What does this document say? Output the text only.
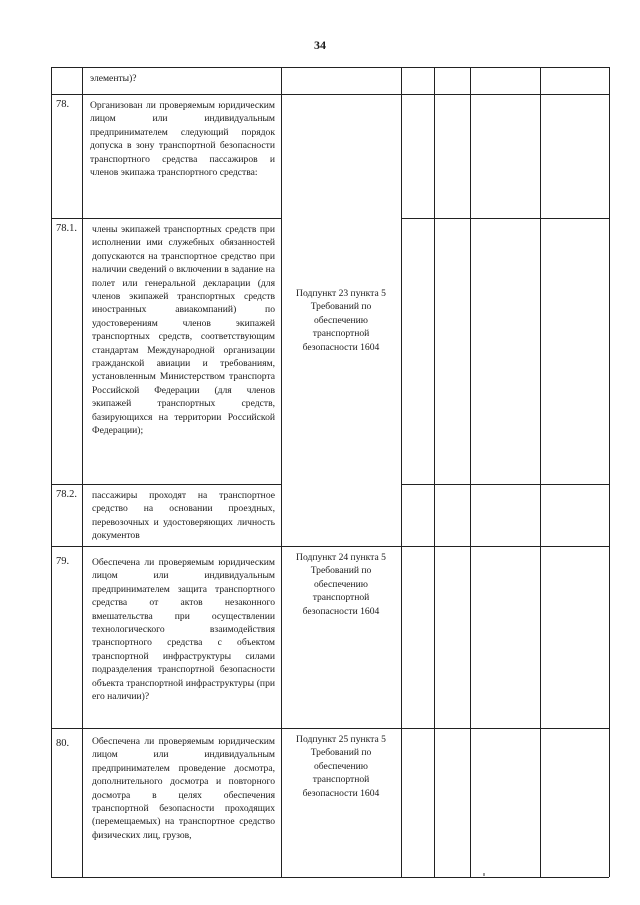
34
элементы)?
78. Организован ли проверяемым юридическим лицом или индивидуальным предпринимателем следующий порядок допуска в зону транспортной безопасности транспортного средства пассажиров и членов экипажа транспортного средства:
Подпункт 23 пункта 5 Требований по обеспечению транспортной безопасности 1604
78.1. члены экипажей транспортных средств при исполнении ими служебных обязанностей допускаются на транспортное средство при наличии сведений о включении в задание на полет или генеральной декларации (для членов экипажей транспортных средств иностранных авиакомпаний) по удостоверениям членов экипажей транспортных средств, соответствующим стандартам Международной организации гражданской авиации и требованиям, установленным Министерством транспорта Российской Федерации (для членов экипажей транспортных средств, базирующихся на территории Российской Федерации);
78.2. пассажиры проходят на транспортное средство на основании проездных, перевозочных и удостоверяющих личность документов
79. Обеспечена ли проверяемым юридическим лицом или индивидуальным предпринимателем защита транспортного средства от актов незаконного вмешательства при осуществлении технологического взаимодействия транспортного средства с объектом транспортной инфраструктуры силами подразделения транспортной безопасности объекта транспортной инфраструктуры (при его наличии)?
Подпункт 24 пункта 5 Требований по обеспечению транспортной безопасности 1604
80. Обеспечена ли проверяемым юридическим лицом или индивидуальным предпринимателем проведение досмотра, дополнительного досмотра и повторного досмотра в целях обеспечения транспортной безопасности проходящих (перемещаемых) на транспортное средство физических лиц, грузов,
Подпункт 25 пункта 5 Требований по обеспечению транспортной безопасности 1604
